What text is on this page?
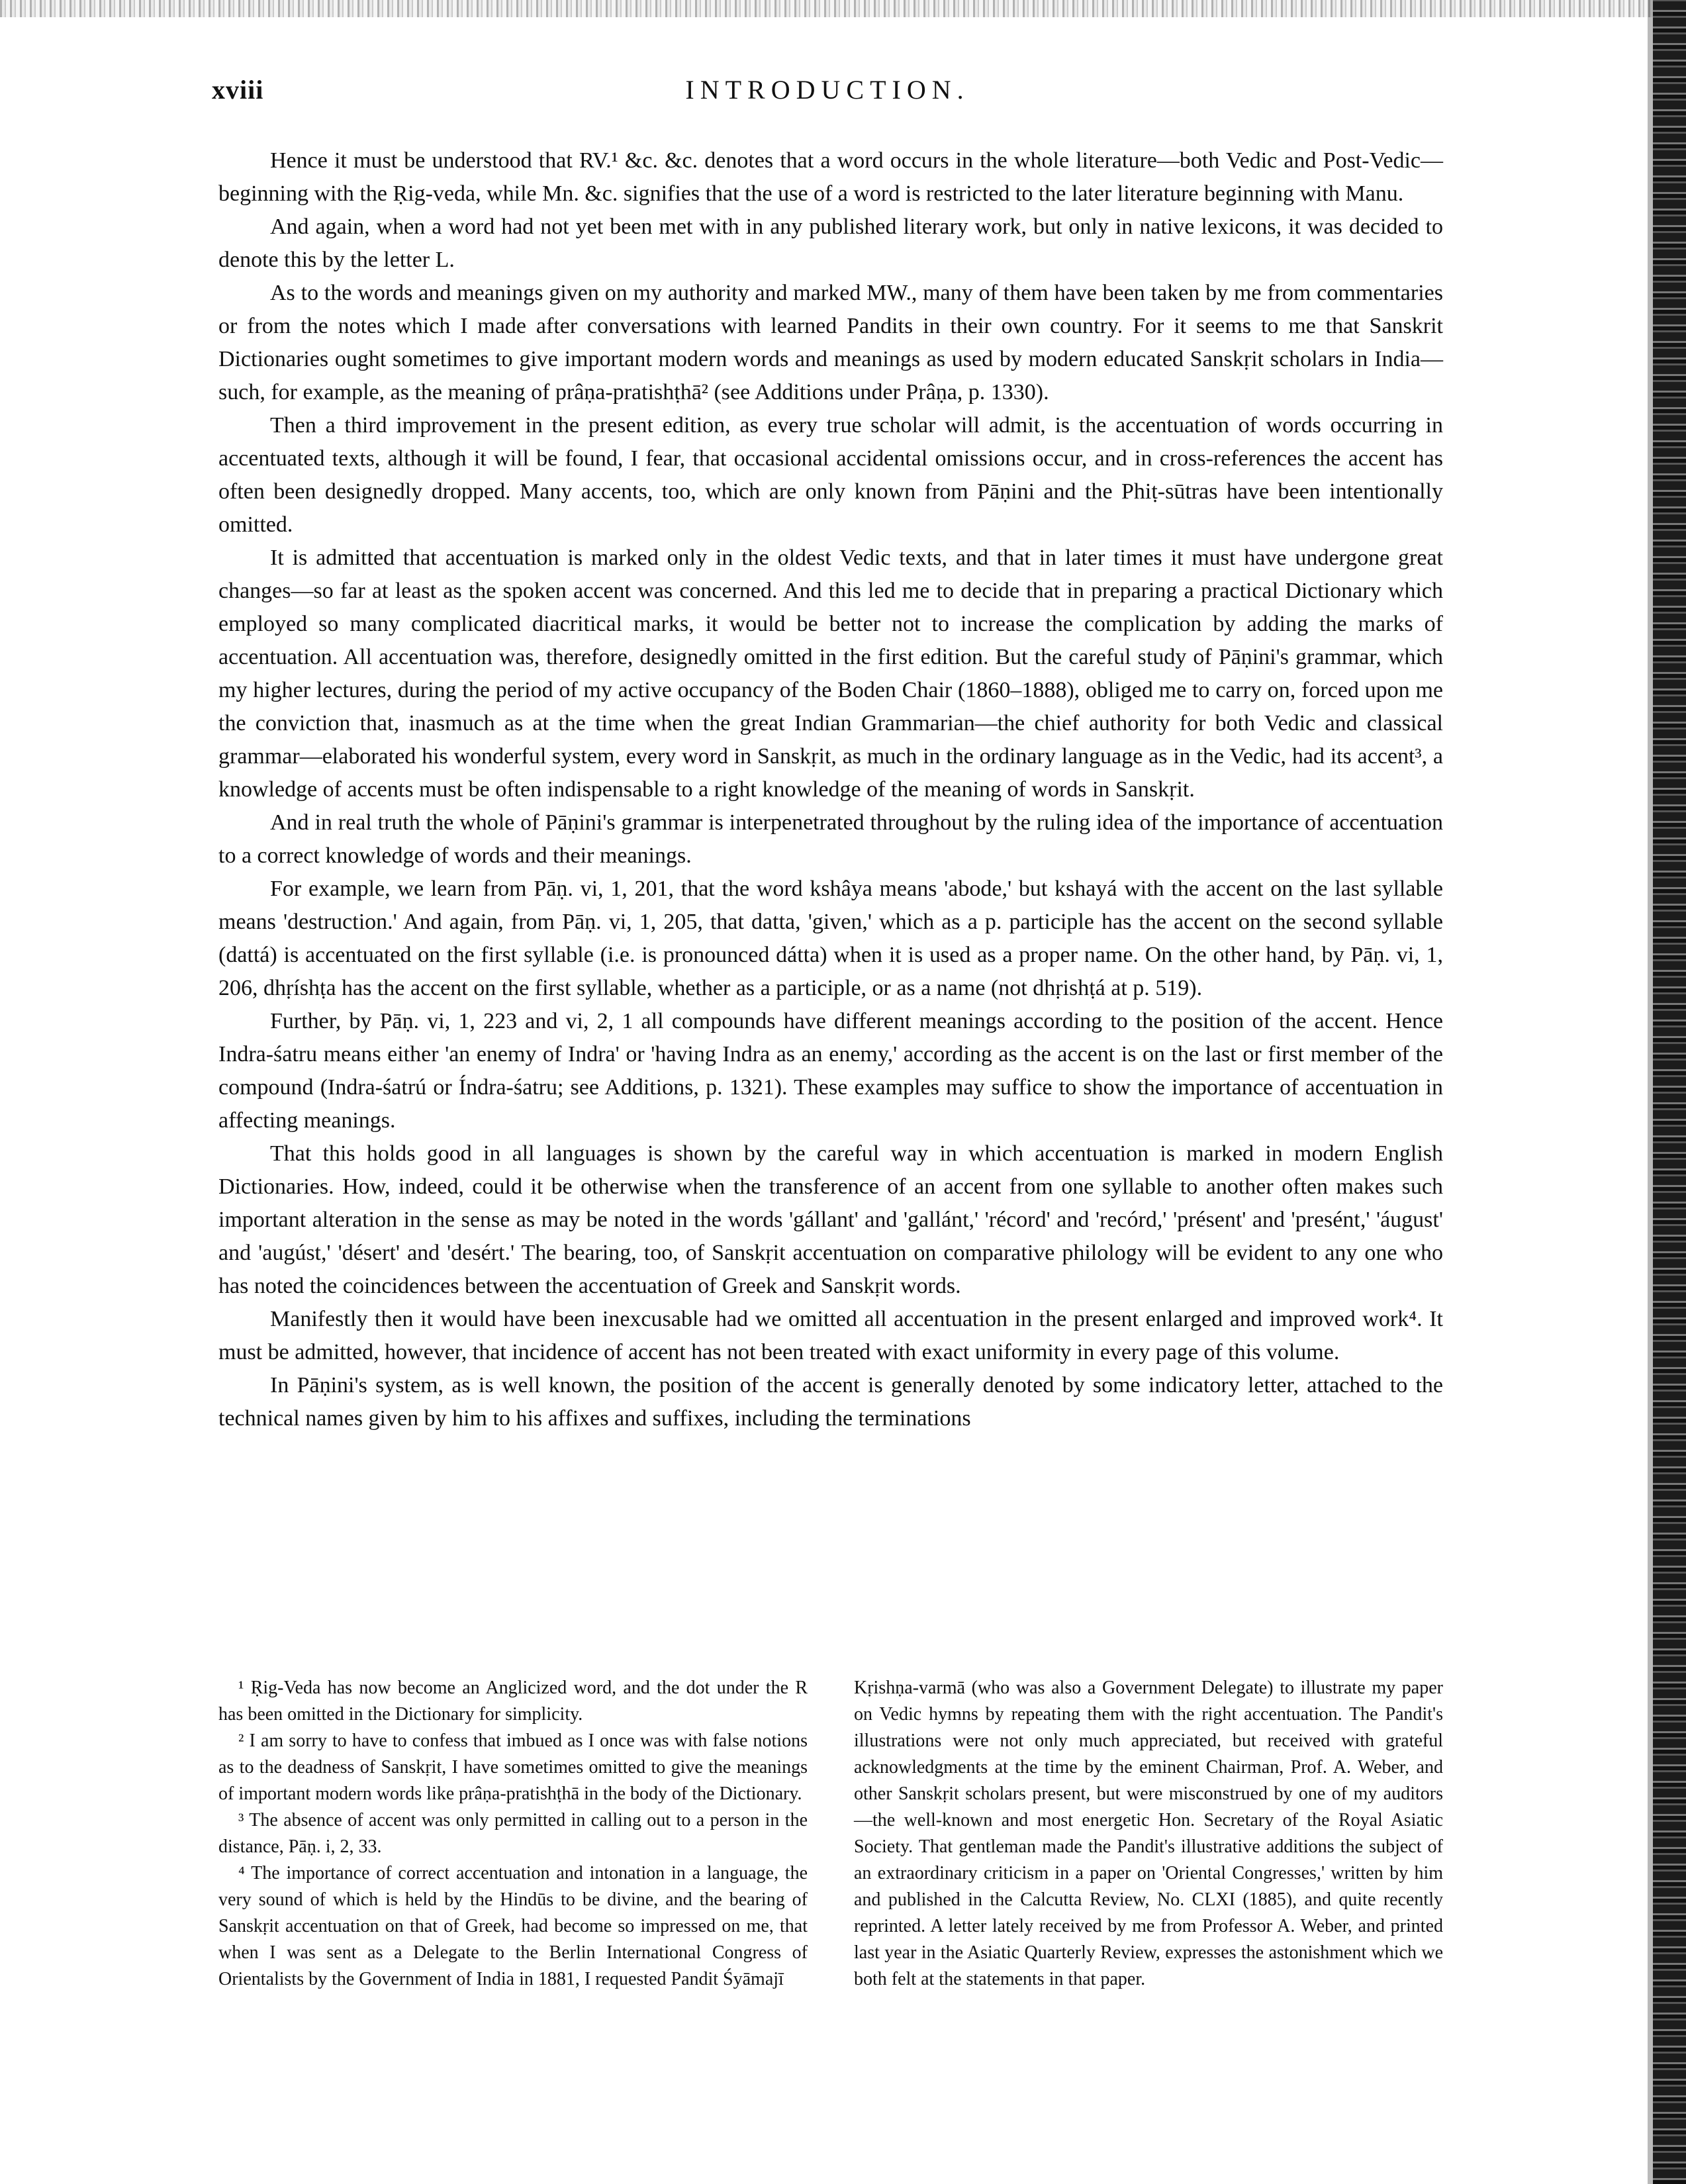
xviii	INTRODUCTION.

Hence it must be understood that RV.¹ &c. &c. denotes that a word occurs in the whole literature—both Vedic and Post-Vedic—beginning with the Ṛig-veda, while Mn. &c. signifies that the use of a word is restricted to the later literature beginning with Manu.

And again, when a word had not yet been met with in any published literary work, but only in native lexicons, it was decided to denote this by the letter L.

As to the words and meanings given on my authority and marked MW., many of them have been taken by me from commentaries or from the notes which I made after conversations with learned Pandits in their own country. For it seems to me that Sanskrit Dictionaries ought sometimes to give important modern words and meanings as used by modern educated Sanskṛit scholars in India—such, for example, as the meaning of prâṇa-pratishṭhā² (see Additions under Prâṇa, p. 1330).

Then a third improvement in the present edition, as every true scholar will admit, is the accentuation of words occurring in accentuated texts, although it will be found, I fear, that occasional accidental omissions occur, and in cross-references the accent has often been designedly dropped. Many accents, too, which are only known from Pāṇini and the Phiṭ-sūtras have been intentionally omitted.

It is admitted that accentuation is marked only in the oldest Vedic texts, and that in later times it must have undergone great changes—so far at least as the spoken accent was concerned. And this led me to decide that in preparing a practical Dictionary which employed so many complicated diacritical marks, it would be better not to increase the complication by adding the marks of accentuation. All accentuation was, therefore, designedly omitted in the first edition. But the careful study of Pāṇini's grammar, which my higher lectures, during the period of my active occupancy of the Boden Chair (1860–1888), obliged me to carry on, forced upon me the conviction that, inasmuch as at the time when the great Indian Grammarian—the chief authority for both Vedic and classical grammar—elaborated his wonderful system, every word in Sanskṛit, as much in the ordinary language as in the Vedic, had its accent³, a knowledge of accents must be often indispensable to a right knowledge of the meaning of words in Sanskṛit.

And in real truth the whole of Pāṇini's grammar is interpenetrated throughout by the ruling idea of the importance of accentuation to a correct knowledge of words and their meanings.

For example, we learn from Pāṇ. vi, 1, 201, that the word kshâya means 'abode,' but kshayá with the accent on the last syllable means 'destruction.' And again, from Pāṇ. vi, 1, 205, that datta, 'given,' which as a p. participle has the accent on the second syllable (dattá) is accentuated on the first syllable (i.e. is pronounced dátta) when it is used as a proper name. On the other hand, by Pāṇ. vi, 1, 206, dhṛíshṭa has the accent on the first syllable, whether as a participle, or as a name (not dhṛishṭá at p. 519).

Further, by Pāṇ. vi, 1, 223 and vi, 2, 1 all compounds have different meanings according to the position of the accent. Hence Indra-śatru means either 'an enemy of Indra' or 'having Indra as an enemy,' according as the accent is on the last or first member of the compound (Indra-śatrú or Índra-śatru; see Additions, p. 1321). These examples may suffice to show the importance of accentuation in affecting meanings.

That this holds good in all languages is shown by the careful way in which accentuation is marked in modern English Dictionaries. How, indeed, could it be otherwise when the transference of an accent from one syllable to another often makes such important alteration in the sense as may be noted in the words 'gállant' and 'gallánt,' 'récord' and 'recórd,' 'présent' and 'presént,' 'áugust' and 'augúst,' 'désert' and 'desért.' The bearing, too, of Sanskṛit accentuation on comparative philology will be evident to any one who has noted the coincidences between the accentuation of Greek and Sanskṛit words.

Manifestly then it would have been inexcusable had we omitted all accentuation in the present enlarged and improved work⁴. It must be admitted, however, that incidence of accent has not been treated with exact uniformity in every page of this volume.

In Pāṇini's system, as is well known, the position of the accent is generally denoted by some indicatory letter, attached to the technical names given by him to his affixes and suffixes, including the terminations

¹ Ṛig-Veda has now become an Anglicized word, and the dot under the R has been omitted in the Dictionary for simplicity.

² I am sorry to have to confess that imbued as I once was with false notions as to the deadness of Sanskṛit, I have sometimes omitted to give the meanings of important modern words like prâṇa-pratishṭhā in the body of the Dictionary.

³ The absence of accent was only permitted in calling out to a person in the distance, Pāṇ. i, 2, 33.

⁴ The importance of correct accentuation and intonation in a language, the very sound of which is held by the Hindūs to be divine, and the bearing of Sanskṛit accentuation on that of Greek, had become so impressed on me, that when I was sent as a Delegate to the Berlin International Congress of Orientalists by the Government of India in 1881, I requested Pandit Śyāmajī

Kṛishṇa-varmā (who was also a Government Delegate) to illustrate my paper on Vedic hymns by repeating them with the right accentuation. The Pandit's illustrations were not only much appreciated, but received with grateful acknowledgments at the time by the eminent Chairman, Prof. A. Weber, and other Sanskṛit scholars present, but were misconstrued by one of my auditors—the well-known and most energetic Hon. Secretary of the Royal Asiatic Society. That gentleman made the Pandit's illustrative additions the subject of an extraordinary criticism in a paper on 'Oriental Congresses,' written by him and published in the Calcutta Review, No. CLXI (1885), and quite recently reprinted. A letter lately received by me from Professor A. Weber, and printed last year in the Asiatic Quarterly Review, expresses the astonishment which we both felt at the statements in that paper.
